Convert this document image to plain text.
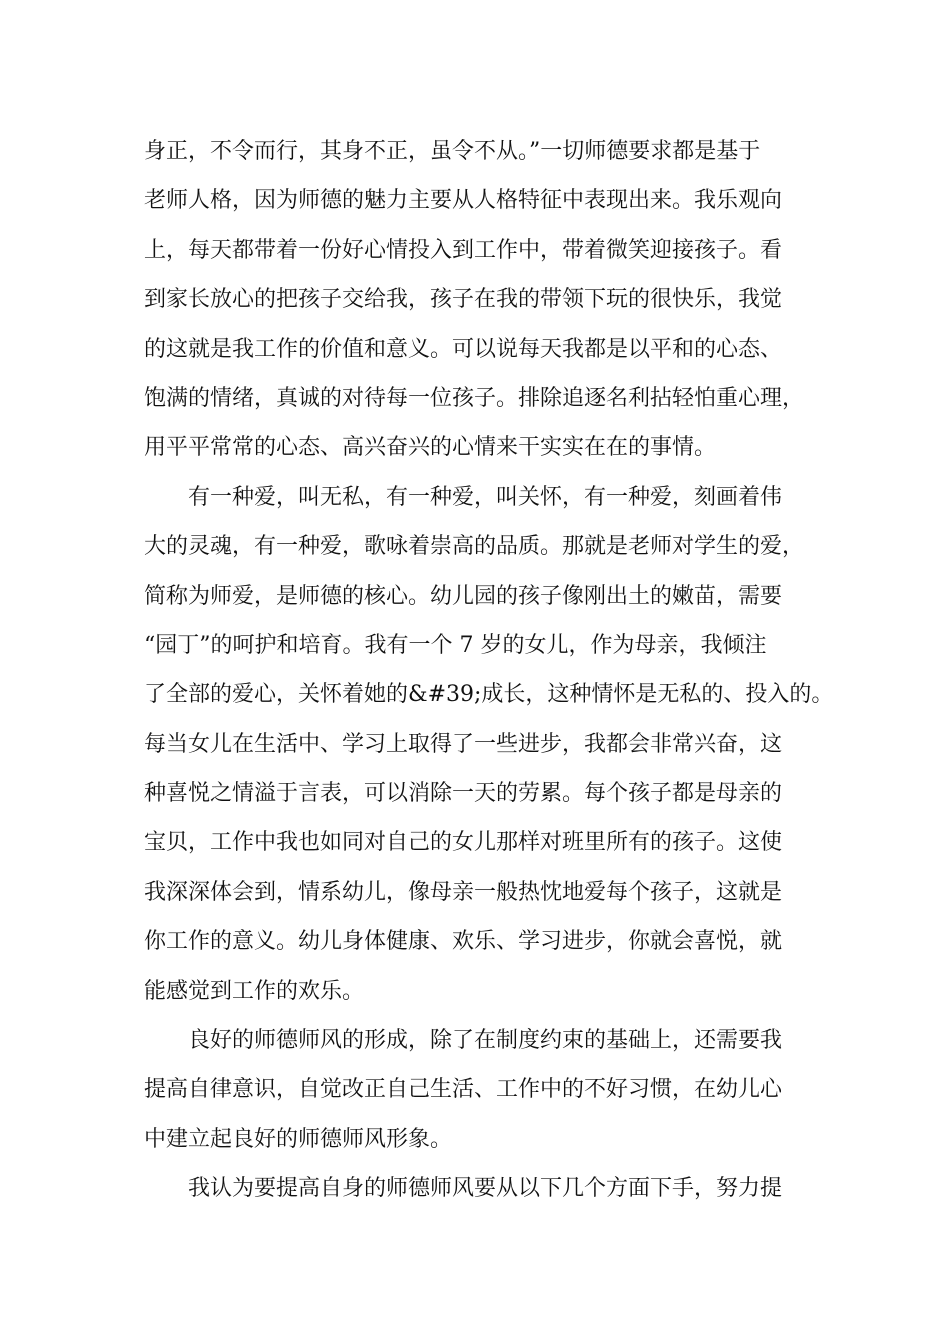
身正，不令而行，其身不正，虽令不从。”一切师德要求都是基于
老师人格，因为师德的魅力主要从人格特征中表现出来。我乐观向
上，每天都带着一份好心情投入到工作中，带着微笑迎接孩子。看
到家长放心的把孩子交给我，孩子在我的带领下玩的很快乐，我觉
的这就是我工作的价值和意义。可以说每天我都是以平和的心态、
饱满的情绪，真诚的对待每一位孩子。排除追逐名利拈轻怕重心理，
用平平常常的心态、高兴奋兴的心情来干实实在在的事情。
有一种爱，叫无私，有一种爱，叫关怀，有一种爱，刻画着伟
大的灵魂，有一种爱，歌咏着崇高的品质。那就是老师对学生的爱，
简称为师爱，是师德的核心。幼儿园的孩子像刚出土的嫩苗，需要
“园丁”的呵护和培育。我有一个 7 岁的女儿，作为母亲，我倾注
了全部的爱心，关怀着她的&#39;成长，这种情怀是无私的、投入的。
每当女儿在生活中、学习上取得了一些进步，我都会非常兴奋，这
种喜悦之情溢于言表，可以消除一天的劳累。每个孩子都是母亲的
宝贝，工作中我也如同对自己的女儿那样对班里所有的孩子。这使
我深深体会到，情系幼儿，像母亲一般热忱地爱每个孩子，这就是
你工作的意义。幼儿身体健康、欢乐、学习进步，你就会喜悦，就
能感觉到工作的欢乐。
良好的师德师风的形成，除了在制度约束的基础上，还需要我
提高自律意识，自觉改正自己生活、工作中的不好习惯，在幼儿心
中建立起良好的师德师风形象。
我认为要提高自身的师德师风要从以下几个方面下手，努力提
